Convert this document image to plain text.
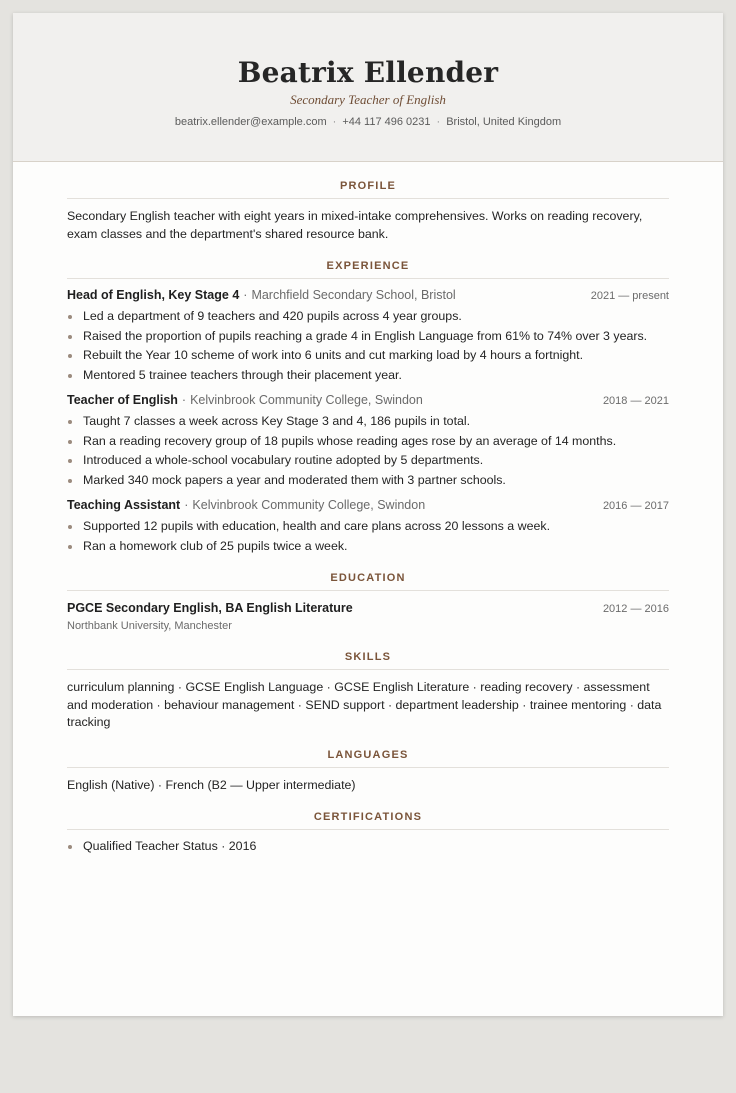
Beatrix Ellender
Secondary Teacher of English
beatrix.ellender@example.com · +44 117 496 0231 · Bristol, United Kingdom
PROFILE
Secondary English teacher with eight years in mixed-intake comprehensives. Works on reading recovery, exam classes and the department's shared resource bank.
EXPERIENCE
Head of English, Key Stage 4 · Marchfield Secondary School, Bristol	2021 — present
Led a department of 9 teachers and 420 pupils across 4 year groups.
Raised the proportion of pupils reaching a grade 4 in English Language from 61% to 74% over 3 years.
Rebuilt the Year 10 scheme of work into 6 units and cut marking load by 4 hours a fortnight.
Mentored 5 trainee teachers through their placement year.
Teacher of English · Kelvinbrook Community College, Swindon	2018 — 2021
Taught 7 classes a week across Key Stage 3 and 4, 186 pupils in total.
Ran a reading recovery group of 18 pupils whose reading ages rose by an average of 14 months.
Introduced a whole-school vocabulary routine adopted by 5 departments.
Marked 340 mock papers a year and moderated them with 3 partner schools.
Teaching Assistant · Kelvinbrook Community College, Swindon	2016 — 2017
Supported 12 pupils with education, health and care plans across 20 lessons a week.
Ran a homework club of 25 pupils twice a week.
EDUCATION
PGCE Secondary English, BA English Literature	2012 — 2016
Northbank University, Manchester
SKILLS
curriculum planning · GCSE English Language · GCSE English Literature · reading recovery · assessment and moderation · behaviour management · SEND support · department leadership · trainee mentoring · data tracking
LANGUAGES
English (Native) · French (B2 — Upper intermediate)
CERTIFICATIONS
Qualified Teacher Status · 2016
